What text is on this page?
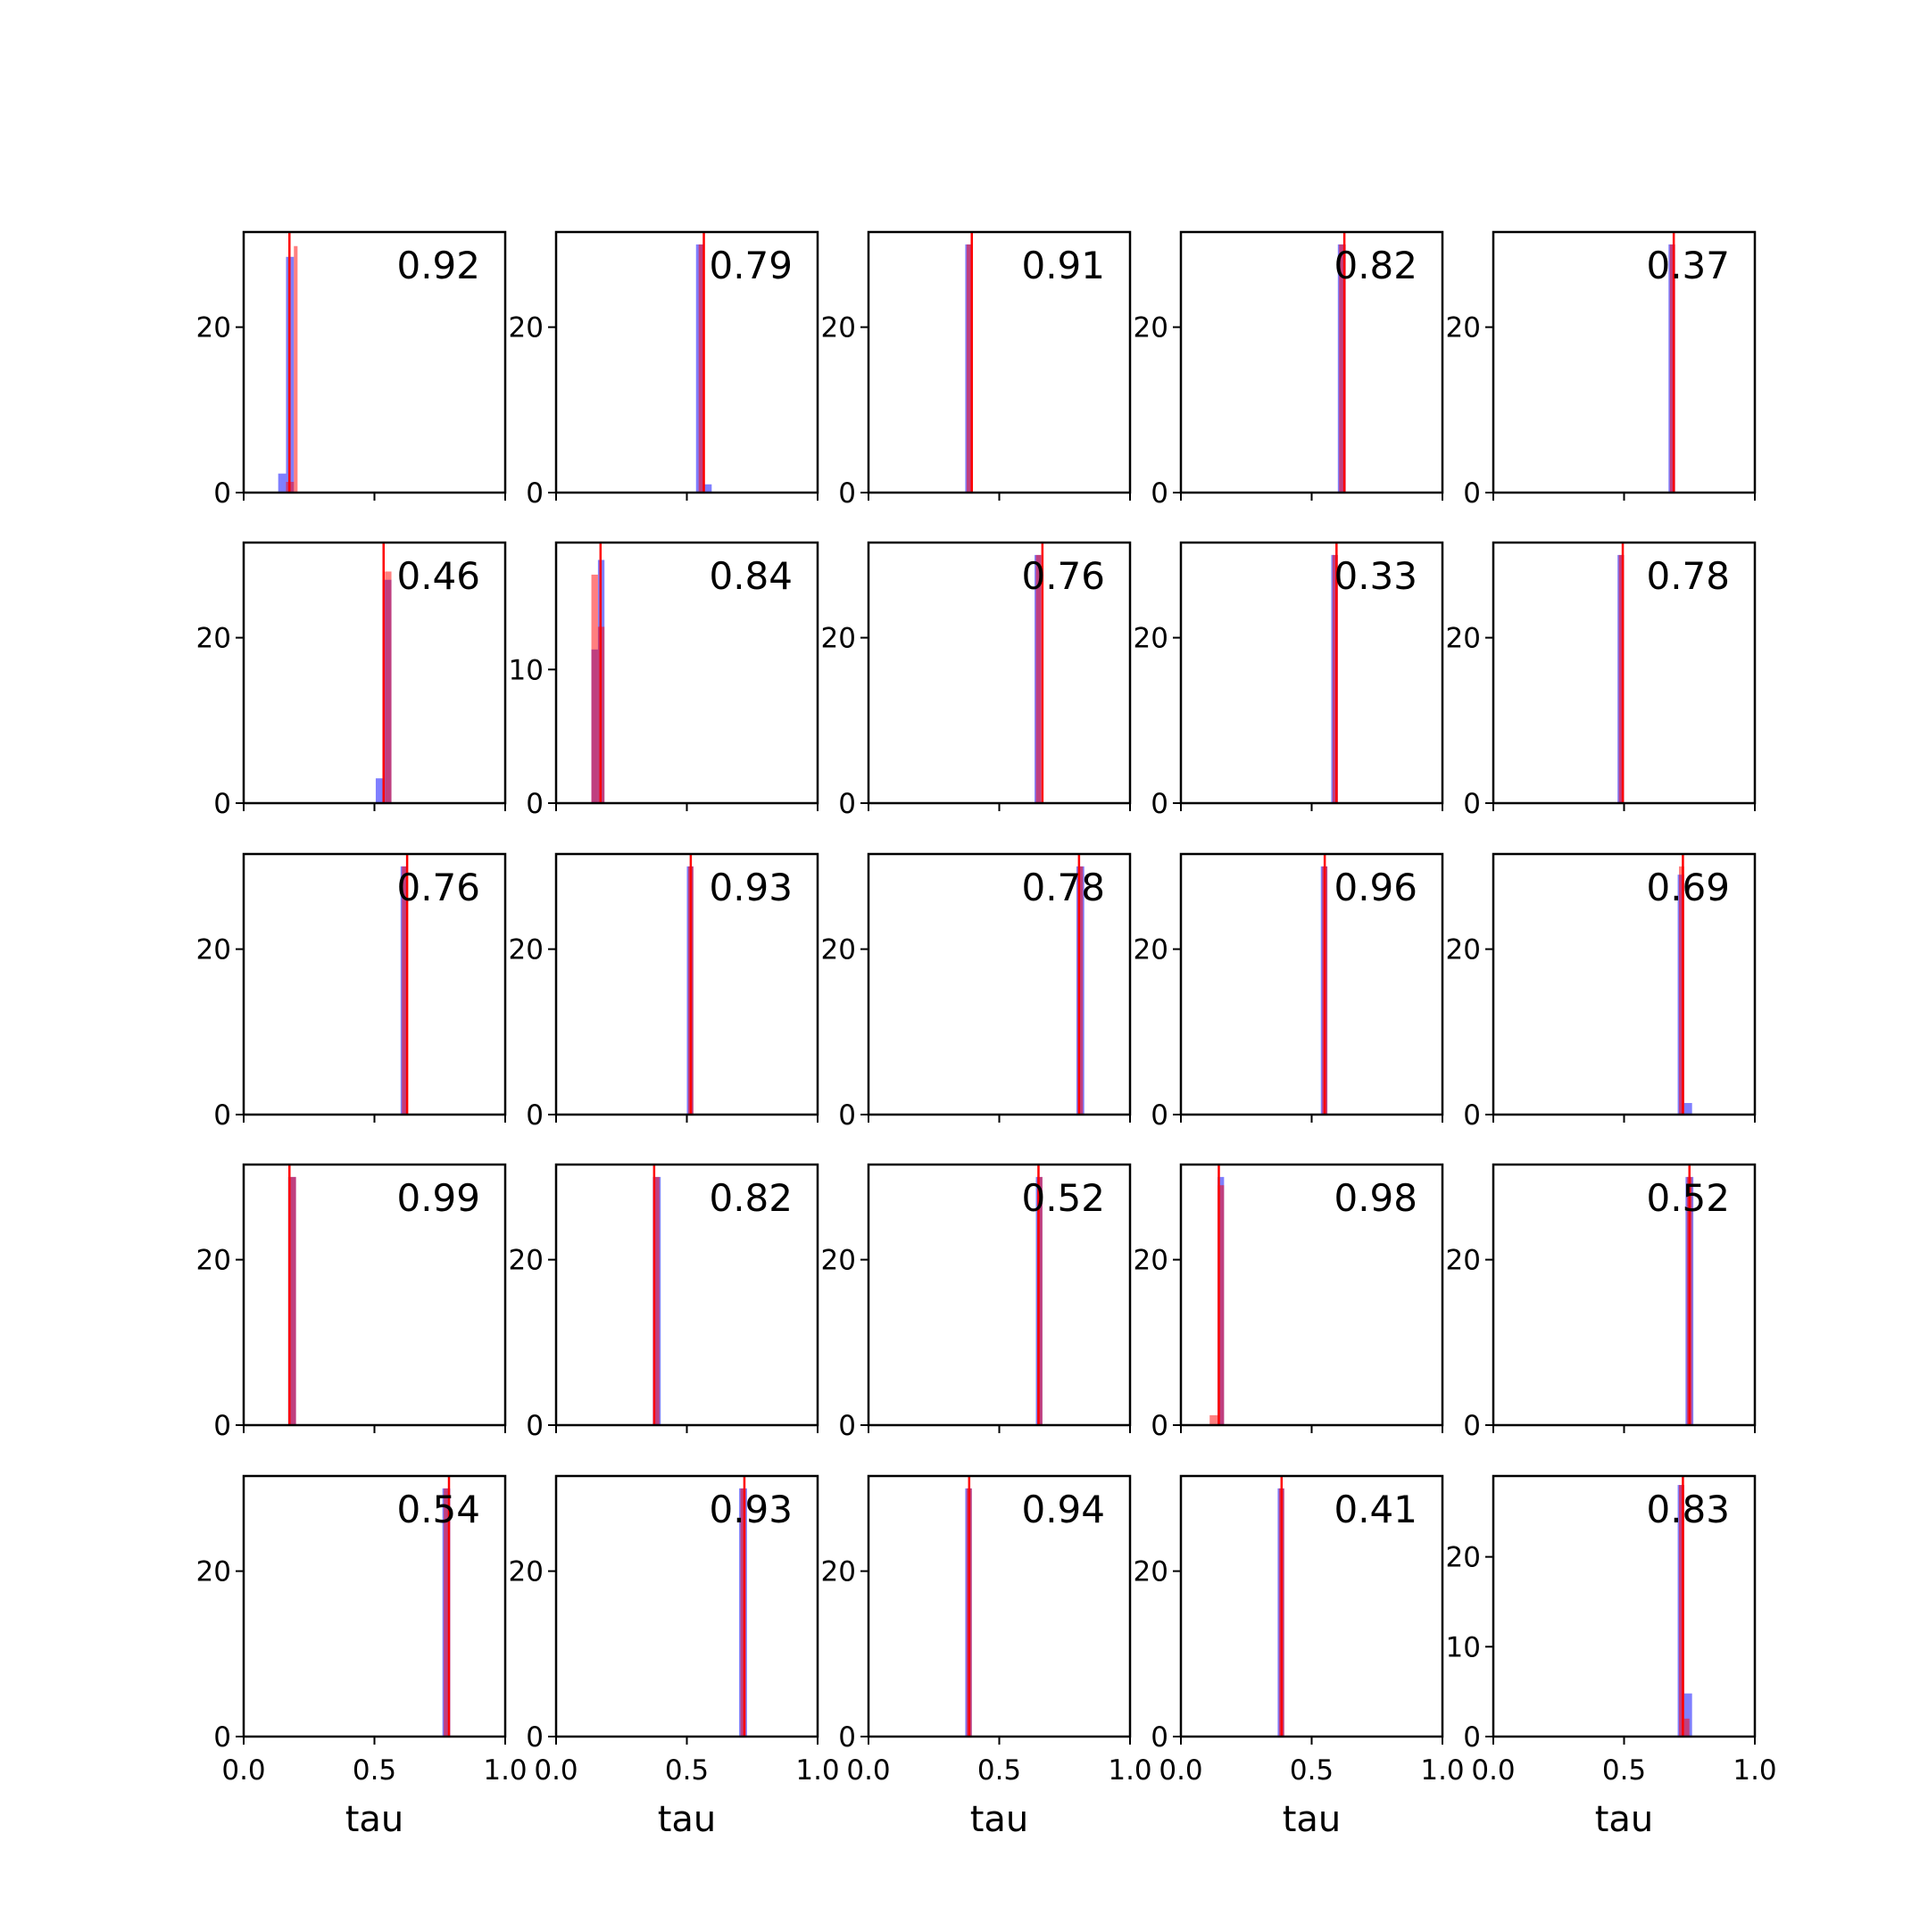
0
20
0.92
0
20
0.79
0
20
0.91
0
20
0.82
0
20
0.37
0
20
0.46
0
10
0.84
0
20
0.76
0
20
0.33
0
20
0.78
0
20
0.76
0
20
0.93
0
20
0.78
0
20
0.96
0
20
0.69
0
20
0.99
0
20
0.82
0
20
0.52
0
20
0.98
0
20
0.52
0
20
0.0	0.5	1.0
tau
0.54
0
20
0.0	0.5	1.0
tau
0.93
0
20
0.0	0.5	1.0
tau
0.94
0
20
0.0	0.5	1.0
tau
0.41
0
10
20
0.0	0.5	1.0
tau
0.83
